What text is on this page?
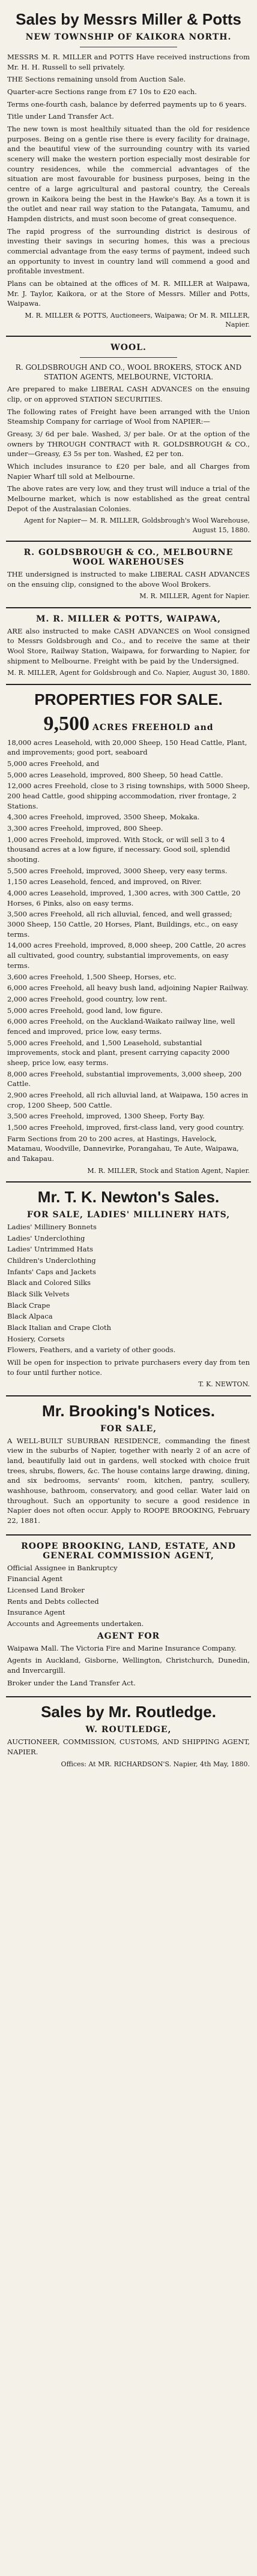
Sales by Messrs Miller & Potts
NEW TOWNSHIP OF KAIKORA NORTH.

MESSRS M. R. MILLER and POTTS Have received instructions from Mr. H. H. Russell to sell privately.

THE Sections remaining unsold from Auction Sale.

Quarter-acre Sections range from £7 10s to £20 each.

Terms one-fourth cash, balance by deferred payments up to 6 years.

Title under Land Transfer Act.

The new town is most healthily situated than the old for residence purposes. Being on a gentle rise there is every facility for drainage, and the beautiful view of the surrounding country with its varied scenery will make the western portion especially most desirable for country residences, while the commercial advantages of the situation are most favourable for business purposes, being in the centre of a large agricultural and pastoral country, the Cereals grown in Kaikora being the best in the Hawke's Bay. As a town it is the outlet and near rail way station to the Patangata, Tamumu, and Hampden districts, and must soon become of great consequence.

The rapid progress of the surrounding district is desirous of investing their savings in securing homes, this was a precious commercial advantage from the easy terms of payment, indeed such an opportunity to invest in country land will commend a good and profitable investment.

Plans can be obtained at the offices of M. R. MILLER at Waipawa, Mr. J. Taylor, Kaikora, or at the Store of Messrs. Miller and Potts, Waipawa.

M. R. MILLER & POTTS, Auctioneers, Waipawa; Or M. R. MILLER, Napier.
WOOL.
R. GOLDSBROUGH AND CO., WOOL BROKERS, STOCK AND STATION AGENTS, MELBOURNE, VICTORIA.

Are prepared to make LIBERAL CASH ADVANCES on the ensuing clip, or on approved STATION SECURITIES.

The following rates of Freight have been arranged with the Union Steamship Company for carriage of Wool from NAPIER:—

Greasy, 3/ 6d per bale. Washed, 3/ per bale. Or at the option of the owners by THROUGH CONTRACT with R. GOLDSBROUGH & CO., under—Greasy, £3 5s per ton. Washed, £2 per ton.

Which includes insurance to £20 per bale, and all Charges from Napier Wharf till sold at Melbourne.

The above rates are very low, and they trust will induce a trial of the Melbourne market, which is now established as the great central Depot of the Australasian Colonies.

Agent for Napier— M. R. MILLER, Goldsbrough's Wool Warehouse, August 15, 1880.
R. GOLDSBROUGH & CO., MELBOURNE WOOL WAREHOUSES

THE undersigned is instructed to make LIBERAL CASH ADVANCES on the ensuing clip, consigned to the above Wool Brokers.

M. R. MILLER, Agent for Napier.
M. R. MILLER & POTTS, WAIPAWA,

ARE also instructed to make CASH ADVANCES on Wool consigned to Messrs Goldsbrough and Co., and to receive the same at their Wool Store, Railway Station, Waipawa, for forwarding to Napier, for shipment to Melbourne. Freight with be paid by the Undersigned.

M. R. MILLER, Agent for Goldsbrough and Co. Napier, August 30, 1880.
PROPERTIES FOR SALE.
9,500 ACRES FREEHOLD and
18,000 acres Leasehold, with 20,000 Sheep, 150 Head Cattle, Plant, and improvements; good port, seaboard
5,000 acres Freehold, and
5,000 acres Leasehold, improved, 800 Sheep, 50 head Cattle.
12,000 acres Freehold, close to 3 rising townships, with 5000 Sheep, 200 head Cattle, good shipping accommodation, river frontage, 2 Stations.
4,300 acres Freehold, improved, 3500 Sheep, Mokaka.
3,300 acres Freehold, improved, 800 Sheep.
1,000 acres Freehold, improved. With Stock, or will sell 3 to 4 thousand acres at a low figure, if necessary. Good soil, splendid shooting.
5,500 acres Freehold, improved, 3000 Sheep, very easy terms.
1,150 acres Leasehold, fenced, and improved, on River.
4,000 acres Leasehold, improved, 1,300 acres, with 300 Cattle, 20 Horses, 6 Pinks, also on easy terms.
3,500 acres Freehold, all rich alluvial, fenced, and well grassed; 3000 Sheep, 150 Cattle, 20 Horses, Plant, Buildings, etc., on easy terms.
14,000 acres Freehold, improved, 8,000 sheep, 200 Cattle, 20 acres all cultivated, good country, substantial improvements, on easy terms.
3,600 acres Freehold, 1,500 Sheep, Horses, etc.
6,000 acres Freehold, all heavy bush land, adjoining Napier Railway.
2,000 acres Freehold, good country, low rent.
5,000 acres Freehold, good land, low figure.
6,000 acres Freehold, on the Auckland-Waikato railway line, well fenced and improved, price low, easy terms.
5,000 acres Freehold, and 1,500 Leasehold, substantial improvements, stock and plant, present carrying capacity 2000 sheep, price low, easy terms.
8,000 acres Freehold, substantial improvements, 3,000 sheep, 200 Cattle.
2,900 acres Freehold, all rich alluvial land, at Waipawa, 150 acres in crop, 1200 Sheep, 500 Cattle.
3,500 acres Freehold, improved, 1300 Sheep, Forty Bay.
1,500 acres Freehold, improved, first-class land, very good country.
Farm Sections from 20 to 200 acres, at Hastings, Havelock, Matamau, Woodville, Dannevirke, Porangahau, Te Aute, Waipawa, and Takapau.
M. R. MILLER, Stock and Station Agent, Napier.
Mr. T. K. Newton's Sales.
FOR SALE, LADIES' MILLINERY HATS,
Ladies' Millinery Bonnets
Ladies' Underclothing
Ladies' Untrimmed Hats
Children's Underclothing
Infants' Caps and Jackets
Black and Colored Silks
Black Silk Velvets
Black Crape
Black Alpaca
Black Italian and Crape Cloth
Hosiery, Corsets
Flowers, Feathers, and a variety of other goods.

Will be open for inspection to private purchasers every day from ten to four until further notice.

T. K. NEWTON.
Mr. Brooking's Notices.
FOR SALE,

A WELL-BUILT SUBURBAN RESIDENCE, commanding the finest view in the suburbs of Napier, together with nearly 2 of an acre of land, beautifully laid out in gardens, well stocked with choice fruit trees, shrubs, flowers, &c. The house contains large drawing, dining, and six bedrooms, servants' room, kitchen, pantry, scullery, washhouse, bathroom, conservatory, and good cellar. Water laid on throughout. Such an opportunity to secure a good residence in Napier does not often occur. Apply to ROOPE BROOKING, February 22, 1881.

ROOPE BROOKING, LAND, ESTATE, AND GENERAL COMMISSION AGENT,
Official Assignee in Bankruptcy
Financial Agent
Licensed Land Broker
Rents and Debts collected
Insurance Agent
Accounts and Agreements undertaken.
AGENT FOR

Waipawa Mall. The Victoria Fire and Marine Insurance Company.

Agents in Auckland, Gisborne, Wellington, Christchurch, Dunedin, and Invercargill.

Broker under the Land Transfer Act.

Sales by Mr. Routledge.
W. ROUTLEDGE,

AUCTIONEER, COMMISSION, CUSTOMS, AND SHIPPING AGENT, NAPIER.

Offices: At MR. RICHARDSON'S. Napier, 4th May, 1880.
